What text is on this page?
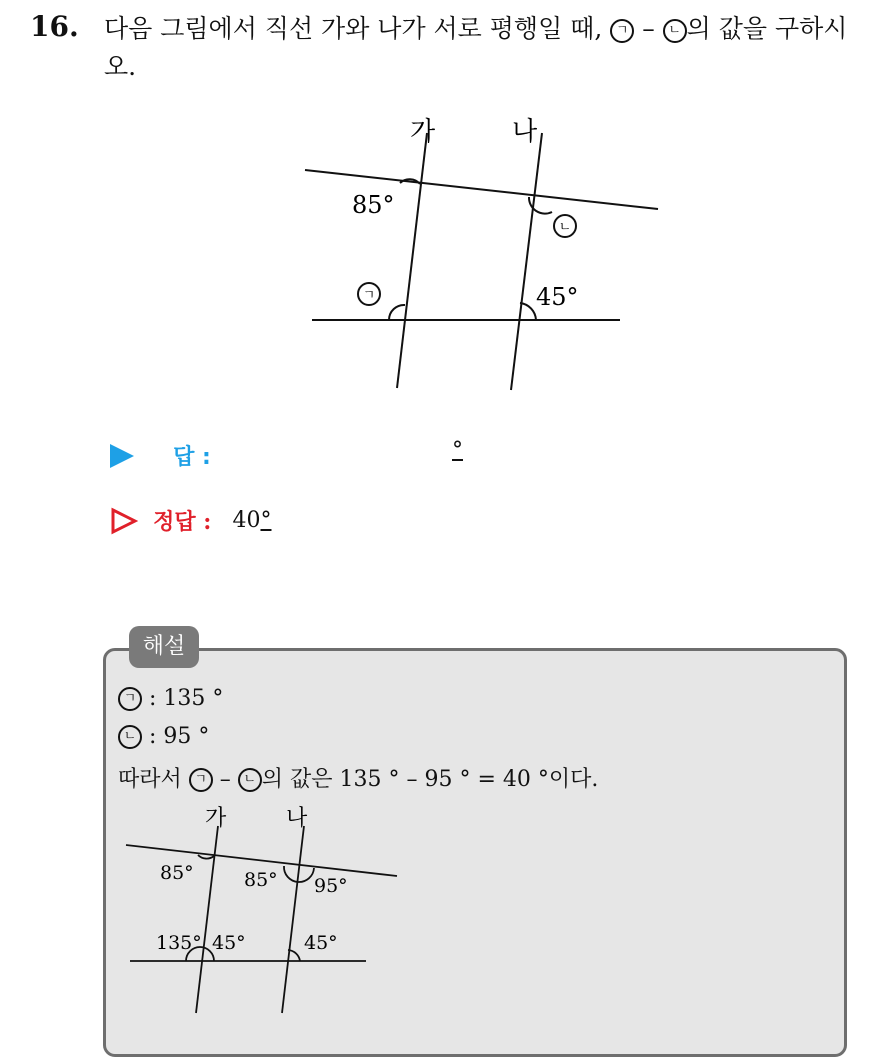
16. 다음 그림에서 직선 가와 나가 서로 평행일 때, ㄱ – ㄴ 의 값을 구하시오.
가	나
85°
ㄴ
ㄱ	45°
답 :	°
정답 : 40°
해설
ㄱ : 135 °
ㄴ : 95 °
따라서 ㄱ – ㄴ 의 값은 135 ° – 95 ° = 40 °이다.
가	나
85°	85° 95°
135° 45°	45°
